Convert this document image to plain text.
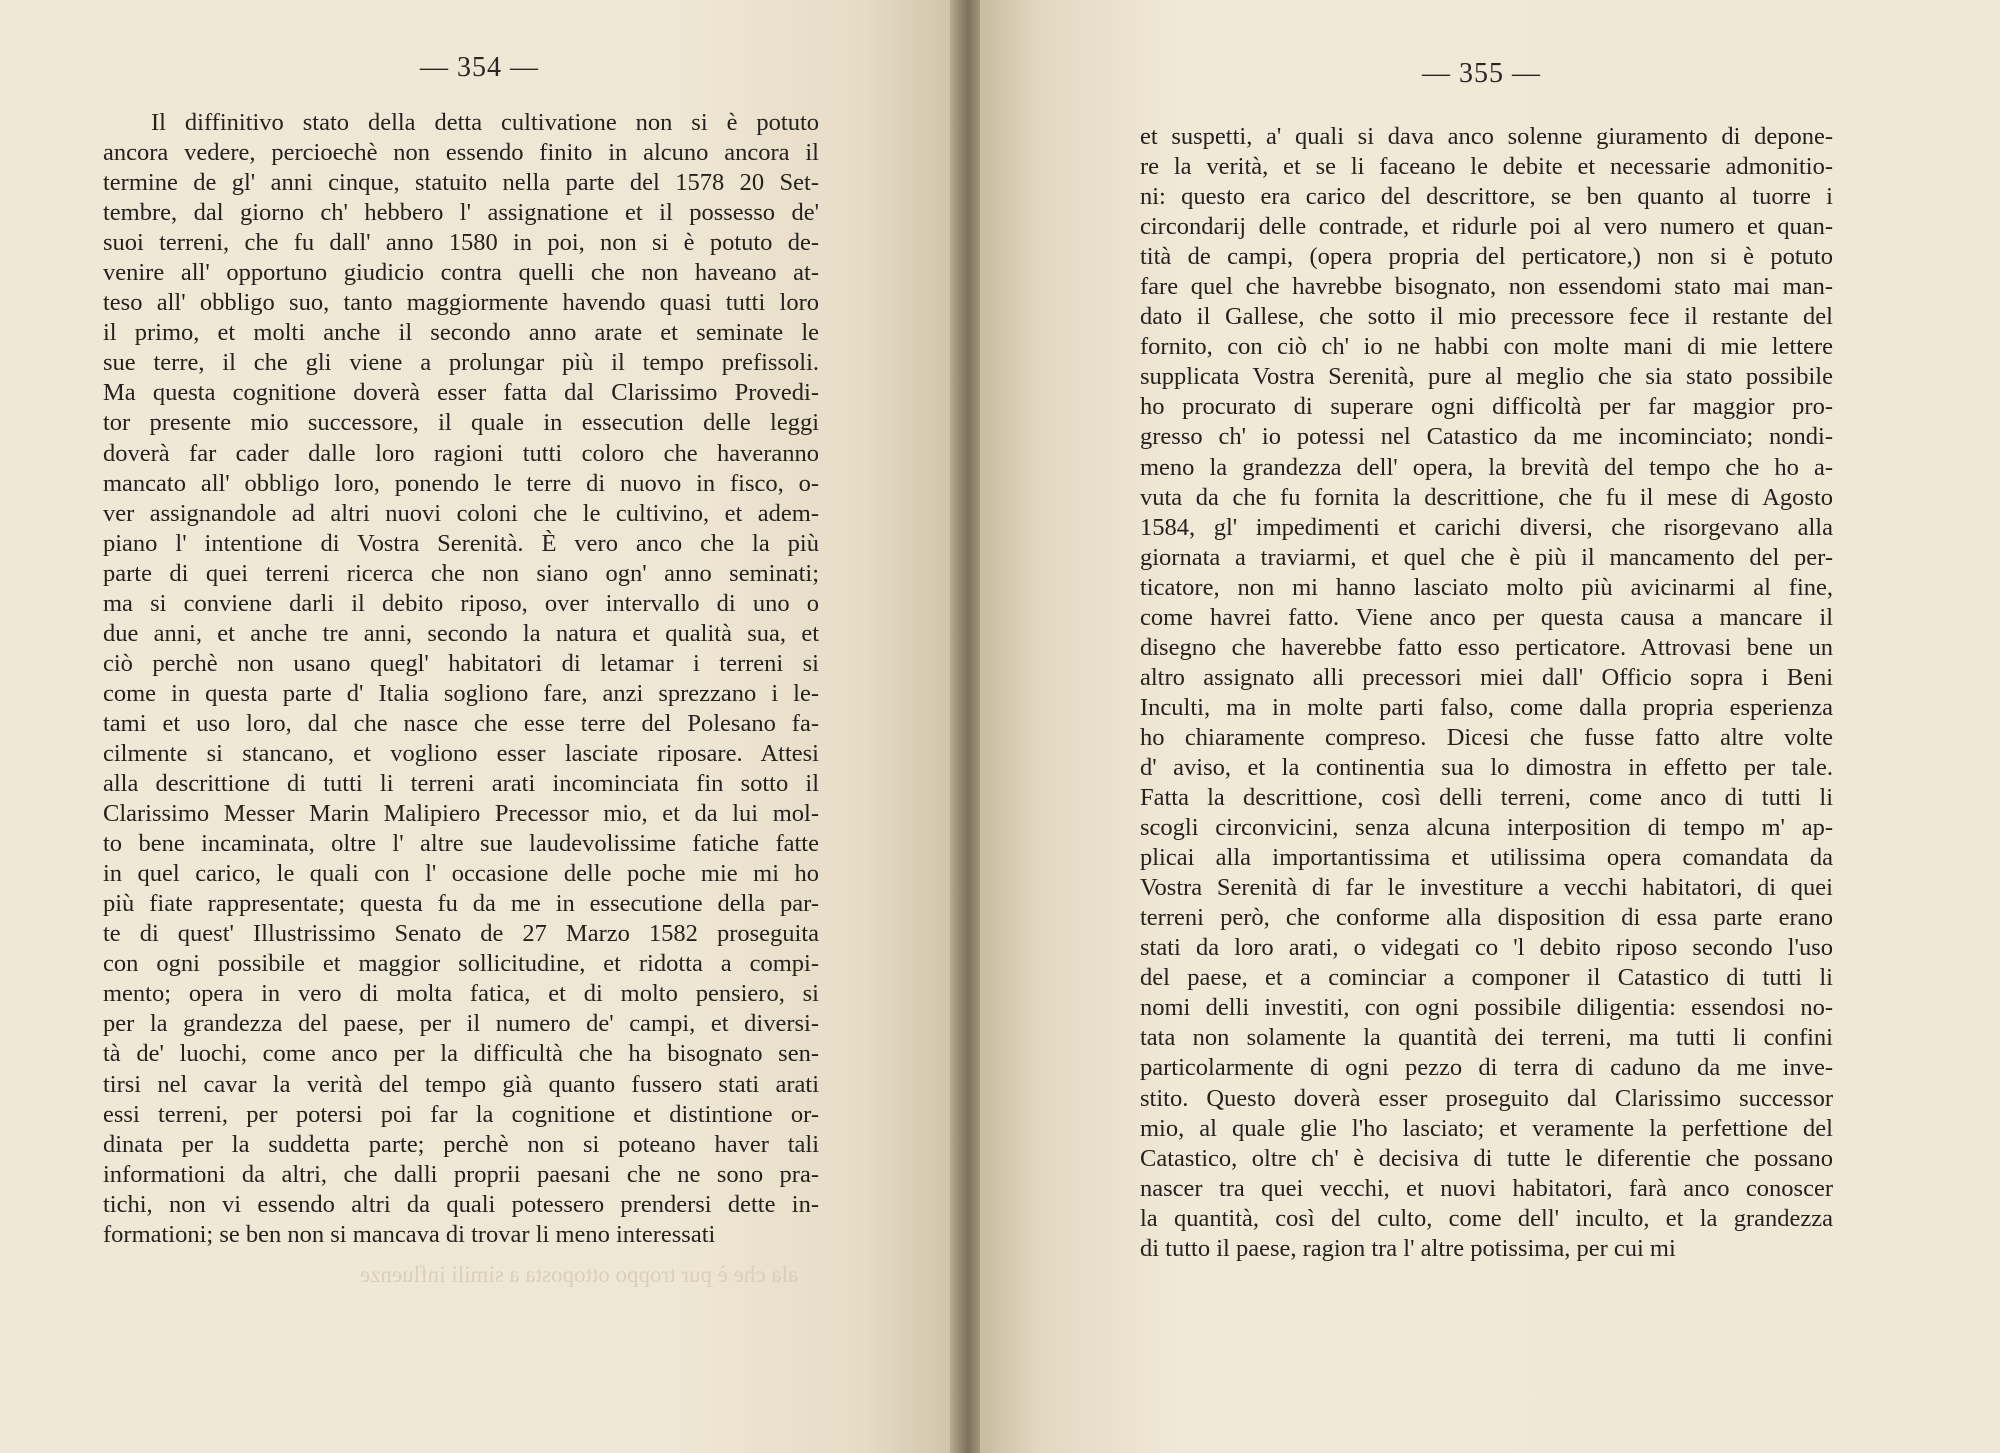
— 354 —
Il diffinitivo stato della detta cultivatione non si è potuto
ancora vedere, percioechè non essendo finito in alcuno ancora il
termine de gl' anni cinque, statuito nella parte del 1578 20 Set-
tembre, dal giorno ch' hebbero l' assignatione et il possesso de'
suoi terreni, che fu dall' anno 1580 in poi, non si è potuto de-
venire all' opportuno giudicio contra quelli che non haveano at-
teso all' obbligo suo, tanto maggiormente havendo quasi tutti loro
il primo, et molti anche il secondo anno arate et seminate le
sue terre, il che gli viene a prolungar più il tempo prefissoli.
Ma questa cognitione doverà esser fatta dal Clarissimo Provedi-
tor presente mio successore, il quale in essecution delle leggi
doverà far cader dalle loro ragioni tutti coloro che haveranno
mancato all' obbligo loro, ponendo le terre di nuovo in fisco, o-
ver assignandole ad altri nuovi coloni che le cultivino, et adem-
piano l' intentione di Vostra Serenità. È vero anco che la più
parte di quei terreni ricerca che non siano ogn' anno seminati;
ma si conviene darli il debito riposo, over intervallo di uno o
due anni, et anche tre anni, secondo la natura et qualità sua, et
ciò perchè non usano quegl' habitatori di letamar i terreni si
come in questa parte d' Italia sogliono fare, anzi sprezzano i le-
tami et uso loro, dal che nasce che esse terre del Polesano fa-
cilmente si stancano, et vogliono esser lasciate riposare. Attesi
alla descrittione di tutti li terreni arati incominciata fin sotto il
Clarissimo Messer Marin Malipiero Precessor mio, et da lui mol-
to bene incaminata, oltre l' altre sue laudevolissime fatiche fatte
in quel carico, le quali con l' occasione delle poche mie mi ho
più fiate rappresentate; questa fu da me in essecutione della par-
te di quest' Illustrissimo Senato de 27 Marzo 1582 proseguita
con ogni possibile et maggior sollicitudine, et ridotta a compi-
mento; opera in vero di molta fatica, et di molto pensiero, si
per la grandezza del paese, per il numero de' campi, et diversi-
tà de' luochi, come anco per la difficultà che ha bisognato sen-
tirsi nel cavar la verità del tempo già quanto fussero stati arati
essi terreni, per potersi poi far la cognitione et distintione or-
dinata per la suddetta parte; perchè non si poteano haver tali
informationi da altri, che dalli proprii paesani che ne sono pra-
tichi, non vi essendo altri da quali potessero prendersi dette in-
formationi; se ben non si mancava di trovar li meno interessati
ala che è pur troppo ottoposta a simili influenze
— 355 —
et suspetti, a' quali si dava anco solenne giuramento di depone-
re la verità, et se li faceano le debite et necessarie admonitio-
ni: questo era carico del descrittore, se ben quanto al tuorre i
circondarij delle contrade, et ridurle poi al vero numero et quan-
tità de campi, (opera propria del perticatore,) non si è potuto
fare quel che havrebbe bisognato, non essendomi stato mai man-
dato il Gallese, che sotto il mio precessore fece il restante del
fornito, con ciò ch' io ne habbi con molte mani di mie lettere
supplicata Vostra Serenità, pure al meglio che sia stato possibile
ho procurato di superare ogni difficoltà per far maggior pro-
gresso ch' io potessi nel Catastico da me incominciato; nondi-
meno la grandezza dell' opera, la brevità del tempo che ho a-
vuta da che fu fornita la descrittione, che fu il mese di Agosto
1584, gl' impedimenti et carichi diversi, che risorgevano alla
giornata a traviarmi, et quel che è più il mancamento del per-
ticatore, non mi hanno lasciato molto più avicinarmi al fine,
come havrei fatto. Viene anco per questa causa a mancare il
disegno che haverebbe fatto esso perticatore. Attrovasi bene un
altro assignato alli precessori miei dall' Officio sopra i Beni
Inculti, ma in molte parti falso, come dalla propria esperienza
ho chiaramente compreso. Dicesi che fusse fatto altre volte
d' aviso, et la continentia sua lo dimostra in effetto per tale.
Fatta la descrittione, così delli terreni, come anco di tutti li
scogli circonvicini, senza alcuna interposition di tempo m' ap-
plicai alla importantissima et utilissima opera comandata da
Vostra Serenità di far le investiture a vecchi habitatori, di quei
terreni però, che conforme alla disposition di essa parte erano
stati da loro arati, o videgati co 'l debito riposo secondo l'uso
del paese, et a cominciar a componer il Catastico di tutti li
nomi delli investiti, con ogni possibile diligentia: essendosi no-
tata non solamente la quantità dei terreni, ma tutti li confini
particolarmente di ogni pezzo di terra di caduno da me inve-
stito. Questo doverà esser proseguito dal Clarissimo successor
mio, al quale glie l'ho lasciato; et veramente la perfettione del
Catastico, oltre ch' è decisiva di tutte le diferentie che possano
nascer tra quei vecchi, et nuovi habitatori, farà anco conoscer
la quantità, così del culto, come dell' inculto, et la grandezza
di tutto il paese, ragion tra l' altre potissima, per cui mi
